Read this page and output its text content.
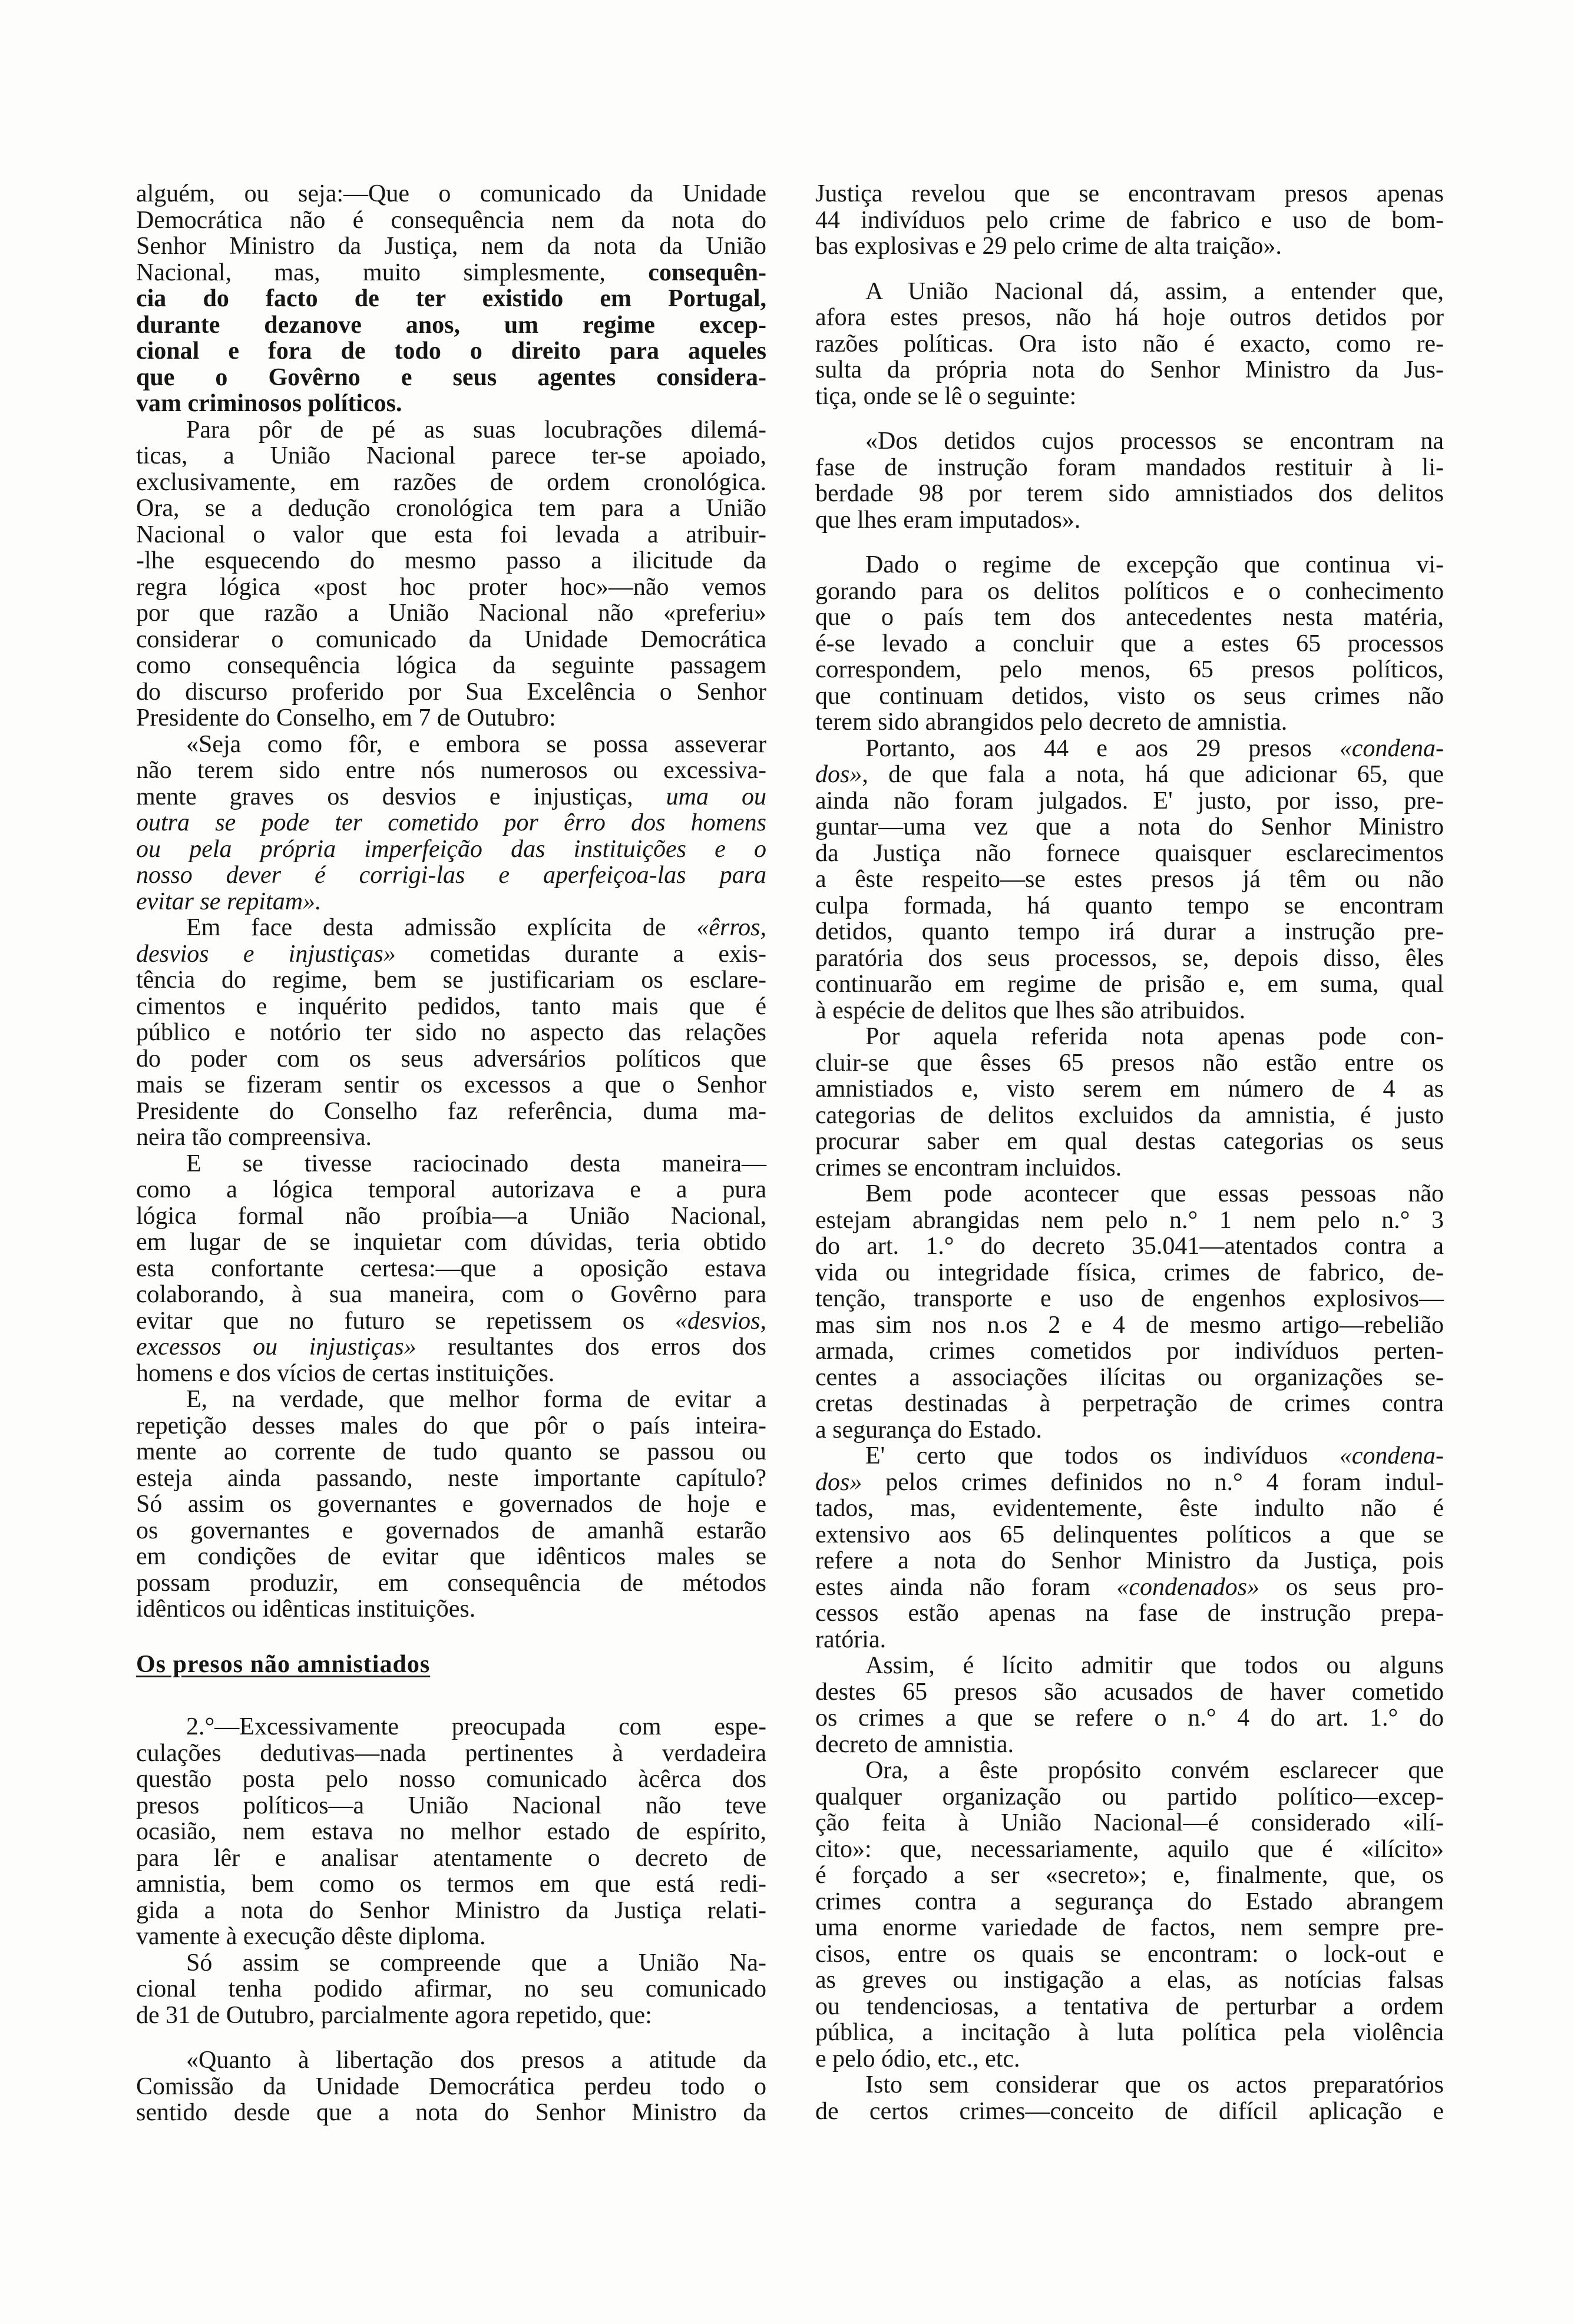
alguém, ou seja:—Que o comunicado da Unidade
Democrática não é consequência nem da nota do
Senhor Ministro da Justiça, nem da nota da União
Nacional, mas, muito simplesmente, consequên-
cia do facto de ter existido em Portugal,
durante dezanove anos, um regime excep-
cional e fora de todo o direito para aqueles
que o Govêrno e seus agentes considera-
vam criminosos políticos.
Para pôr de pé as suas locubrações dilemá-
ticas, a União Nacional parece ter-se apoiado,
exclusivamente, em razões de ordem cronológica.
Ora, se a dedução cronológica tem para a União
Nacional o valor que esta foi levada a atribuir-
-lhe esquecendo do mesmo passo a ilicitude da
regra lógica «post hoc proter hoc»—não vemos
por que razão a União Nacional não «preferiu»
considerar o comunicado da Unidade Democrática
como consequência lógica da seguinte passagem
do discurso proferido por Sua Excelência o Senhor
Presidente do Conselho, em 7 de Outubro:
«Seja como fôr, e embora se possa asseverar
não terem sido entre nós numerosos ou excessiva-
mente graves os desvios e injustiças, uma ou
outra se pode ter cometido por êrro dos homens
ou pela própria imperfeição das instituições e o
nosso dever é corrigi-las e aperfeiçoa-las para
evitar se repitam».
Em face desta admissão explícita de «êrros,
desvios e injustiças» cometidas durante a exis-
tência do regime, bem se justificariam os esclare-
cimentos e inquérito pedidos, tanto mais que é
público e notório ter sido no aspecto das relações
do poder com os seus adversários políticos que
mais se fizeram sentir os excessos a que o Senhor
Presidente do Conselho faz referência, duma ma-
neira tão compreensiva.
E se tivesse raciocinado desta maneira—
como a lógica temporal autorizava e a pura
lógica formal não proíbia—a União Nacional,
em lugar de se inquietar com dúvidas, teria obtido
esta confortante certesa:—que a oposição estava
colaborando, à sua maneira, com o Govêrno para
evitar que no futuro se repetissem os «desvios,
excessos ou injustiças» resultantes dos erros dos
homens e dos vícios de certas instituições.
E, na verdade, que melhor forma de evitar a
repetição desses males do que pôr o país inteira-
mente ao corrente de tudo quanto se passou ou
esteja ainda passando, neste importante capítulo?
Só assim os governantes e governados de hoje e
os governantes e governados de amanhã estarão
em condições de evitar que idênticos males se
possam produzir, em consequência de métodos
idênticos ou idênticas instituições.
Os presos não amnistiados
2.°—Excessivamente preocupada com espe-
culações dedutivas—nada pertinentes à verdadeira
questão posta pelo nosso comunicado àcêrca dos
presos políticos—a União Nacional não teve
ocasião, nem estava no melhor estado de espírito,
para lêr e analisar atentamente o decreto de
amnistia, bem como os termos em que está redi-
gida a nota do Senhor Ministro da Justiça relati-
vamente à execução dêste diploma.
Só assim se compreende que a União Na-
cional tenha podido afirmar, no seu comunicado
de 31 de Outubro, parcialmente agora repetido, que:
«Quanto à libertação dos presos a atitude da
Comissão da Unidade Democrática perdeu todo o
sentido desde que a nota do Senhor Ministro da
Justiça revelou que se encontravam presos apenas
44 indivíduos pelo crime de fabrico e uso de bom-
bas explosivas e 29 pelo crime de alta traição».
A União Nacional dá, assim, a entender que,
afora estes presos, não há hoje outros detidos por
razões políticas. Ora isto não é exacto, como re-
sulta da própria nota do Senhor Ministro da Jus-
tiça, onde se lê o seguinte:
«Dos detidos cujos processos se encontram na
fase de instrução foram mandados restituir à li-
berdade 98 por terem sido amnistiados dos delitos
que lhes eram imputados».
Dado o regime de excepção que continua vi-
gorando para os delitos políticos e o conhecimento
que o país tem dos antecedentes nesta matéria,
é-se levado a concluir que a estes 65 processos
correspondem, pelo menos, 65 presos políticos,
que continuam detidos, visto os seus crimes não
terem sido abrangidos pelo decreto de amnistia.
Portanto, aos 44 e aos 29 presos «condena-
dos», de que fala a nota, há que adicionar 65, que
ainda não foram julgados. E' justo, por isso, pre-
guntar—uma vez que a nota do Senhor Ministro
da Justiça não fornece quaisquer esclarecimentos
a êste respeito—se estes presos já têm ou não
culpa formada, há quanto tempo se encontram
detidos, quanto tempo irá durar a instrução pre-
paratória dos seus processos, se, depois disso, êles
continuarão em regime de prisão e, em suma, qual
à espécie de delitos que lhes são atribuidos.
Por aquela referida nota apenas pode con-
cluir-se que êsses 65 presos não estão entre os
amnistiados e, visto serem em número de 4 as
categorias de delitos excluidos da amnistia, é justo
procurar saber em qual destas categorias os seus
crimes se encontram incluidos.
Bem pode acontecer que essas pessoas não
estejam abrangidas nem pelo n.° 1 nem pelo n.° 3
do art. 1.° do decreto 35.041—atentados contra a
vida ou integridade física, crimes de fabrico, de-
tenção, transporte e uso de engenhos explosivos—
mas sim nos n.os 2 e 4 de mesmo artigo—rebelião
armada, crimes cometidos por indivíduos perten-
centes a associações ilícitas ou organizações se-
cretas destinadas à perpetração de crimes contra
a segurança do Estado.
E' certo que todos os indivíduos «condena-
dos» pelos crimes definidos no n.° 4 foram indul-
tados, mas, evidentemente, êste indulto não é
extensivo aos 65 delinquentes políticos a que se
refere a nota do Senhor Ministro da Justiça, pois
estes ainda não foram «condenados» os seus pro-
cessos estão apenas na fase de instrução prepa-
ratória.
Assim, é lícito admitir que todos ou alguns
destes 65 presos são acusados de haver cometido
os crimes a que se refere o n.° 4 do art. 1.° do
decreto de amnistia.
Ora, a êste propósito convém esclarecer que
qualquer organização ou partido político—excep-
ção feita à União Nacional—é considerado «ilí-
cito»: que, necessariamente, aquilo que é «ilícito»
é forçado a ser «secreto»; e, finalmente, que, os
crimes contra a segurança do Estado abrangem
uma enorme variedade de factos, nem sempre pre-
cisos, entre os quais se encontram: o lock-out e
as greves ou instigação a elas, as notícias falsas
ou tendenciosas, a tentativa de perturbar a ordem
pública, a incitação à luta política pela violência
e pelo ódio, etc., etc.
Isto sem considerar que os actos preparatórios
de certos crimes—conceito de difícil aplicação e
